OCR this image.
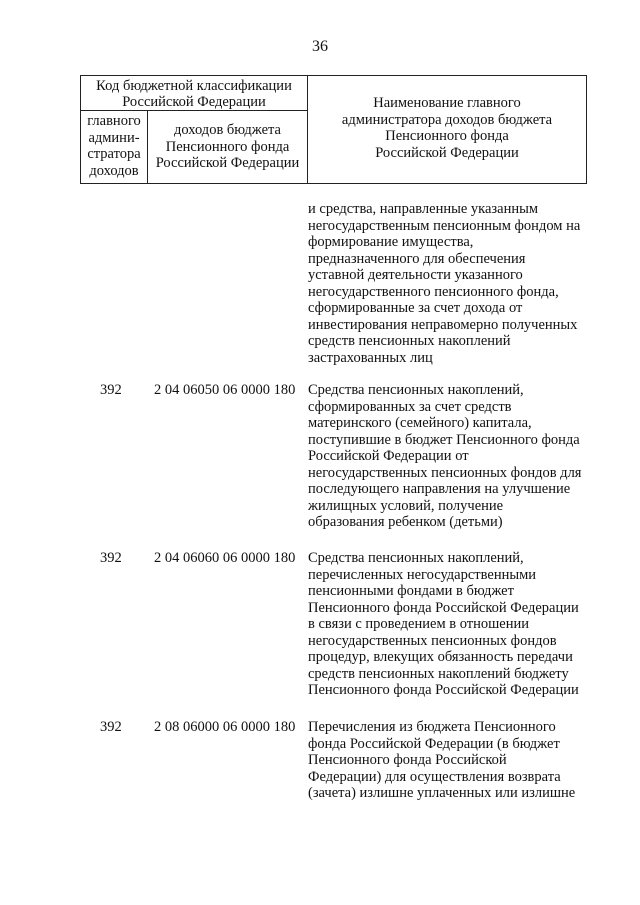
36
Код бюджетной классификации
Российской Федерации
главного
админи-
стратора
доходов
доходов бюджета
Пенсионного фонда
Российской Федерации
Наименование главного
администратора доходов бюджета
Пенсионного фонда
Российской Федерации
и средства, направленные указанным
негосударственным пенсионным фондом на
формирование имущества,
предназначенного для обеспечения
уставной деятельности указанного
негосударственного пенсионного фонда,
сформированные за счет дохода от
инвестирования неправомерно полученных
средств пенсионных накоплений
застрахованных лиц
392 2 04 06050 06 0000 180 Средства пенсионных накоплений,
сформированных за счет средств
материнского (семейного) капитала,
поступившие в бюджет Пенсионного фонда
Российской Федерации от
негосударственных пенсионных фондов для
последующего направления на улучшение
жилищных условий, получение
образования ребенком (детьми)
392 2 04 06060 06 0000 180 Средства пенсионных накоплений,
перечисленных негосударственными
пенсионными фондами в бюджет
Пенсионного фонда Российской Федерации
в связи с проведением в отношении
негосударственных пенсионных фондов
процедур, влекущих обязанность передачи
средств пенсионных накоплений бюджету
Пенсионного фонда Российской Федерации
392 2 08 06000 06 0000 180 Перечисления из бюджета Пенсионного
фонда Российской Федерации (в бюджет
Пенсионного фонда Российской
Федерации) для осуществления возврата
(зачета) излишне уплаченных или излишне
